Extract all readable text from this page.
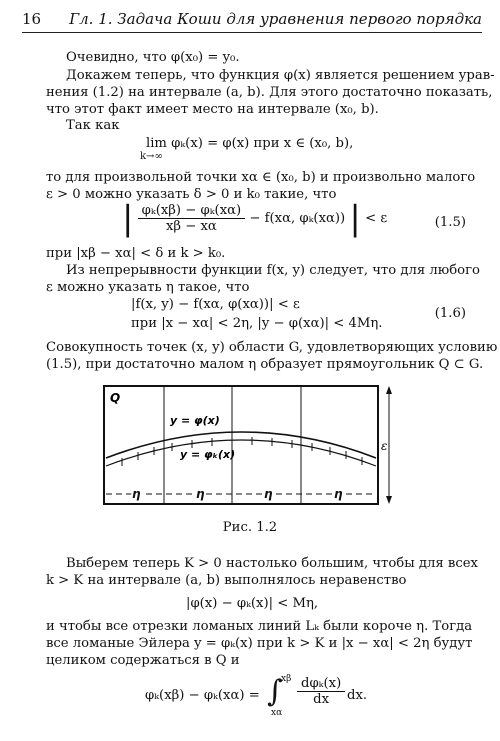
16 Гл. 1. Задача Коши для уравнения первого порядка
Очевидно, что φ(x₀) = y₀.
Докажем теперь, что функция φ(x) является решением урав-
нения (1.2) на интервале (a, b). Для этого достаточно показать,
что этот факт имеет место на интервале (x₀, b).
Так как
lim φₖ(x) = φ(x) при x ∈ (x₀, b),
k→∞
то для произвольной точки xα ∈ (x₀, b) и произвольно малого
ε > 0 можно указать δ > 0 и k₀ такие, что
| $\frac{\text{φₖ(xβ) − φₖ(xα)}}{x\beta - x\alpha} - f(x\alpha$, φₖ(xα)) | < ε	(1.5)
при |xβ − xα| < δ и k > k₀.
Из непрерывности функции f(x, y) следует, что для любого
ε можно указать η такое, что
|f(x, y) − f(xα, φ(xα))| < ε
при |x − xα| < 2η, |y − φ(xα)| < 4Mη.
(1.6)
Совокупность точек (x, y) области G, удовлетворяющих условию
(1.5), при достаточно малом η образует прямоугольник Q ⊂ G.
Q
y = φ(x)
y = φₖ(x)
ε
η	η	η	η
Рис. 1.2
Выберем теперь K > 0 настолько большим, чтобы для всех
k > K на интервале (a, b) выполнялось неравенство
|φ(x) − φₖ(x)| < Mη,
и чтобы все отрезки ломаных линий Lₖ были короче η. Тогда
все ломаные Эйлера y = φₖ(x) при k > K и |x − xα| < 2η будут
целиком содержаться в Q и
φₖ(xβ) − φₖ(xα) = ∫
xβ
xα
dφₖ(x)
dx	dx.
